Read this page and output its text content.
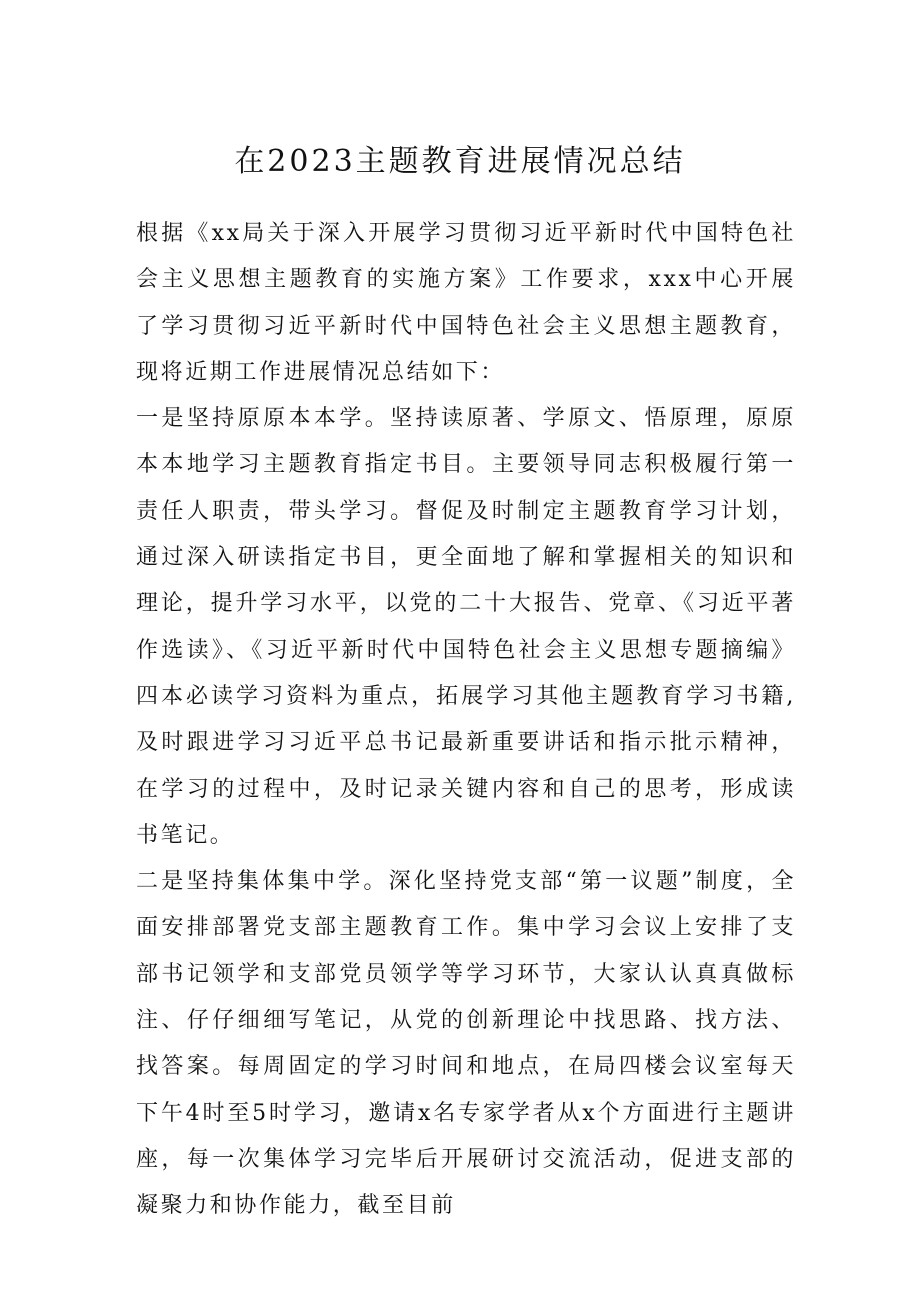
在2023主题教育进展情况总结

根据《xx局关于深入开展学习贯彻习近平新时代中国特色社会主义思想主题教育的实施方案》工作要求，xxx中心开展了学习贯彻习近平新时代中国特色社会主义思想主题教育，现将近期工作进展情况总结如下：

一是坚持原原本本学。坚持读原著、学原文、悟原理，原原本本地学习主题教育指定书目。主要领导同志积极履行第一责任人职责，带头学习。督促及时制定主题教育学习计划，通过深入研读指定书目，更全面地了解和掌握相关的知识和理论，提升学习水平，以党的二十大报告、党章、《习近平著作选读》、《习近平新时代中国特色社会主义思想专题摘编》四本必读学习资料为重点，拓展学习其他主题教育学习书籍,及时跟进学习习近平总书记最新重要讲话和指示批示精神，在学习的过程中，及时记录关键内容和自己的思考，形成读书笔记。

二是坚持集体集中学。深化坚持党支部“第一议题”制度，全面安排部署党支部主题教育工作。集中学习会议上安排了支部书记领学和支部党员领学等学习环节，大家认认真真做标注、仔仔细细写笔记，从党的创新理论中找思路、找方法、找答案。每周固定的学习时间和地点，在局四楼会议室每天下午4时至5时学习，邀请x名专家学者从x个方面进行主题讲座，每一次集体学习完毕后开展研讨交流活动，促进支部的凝聚力和协作能力，截至目前
